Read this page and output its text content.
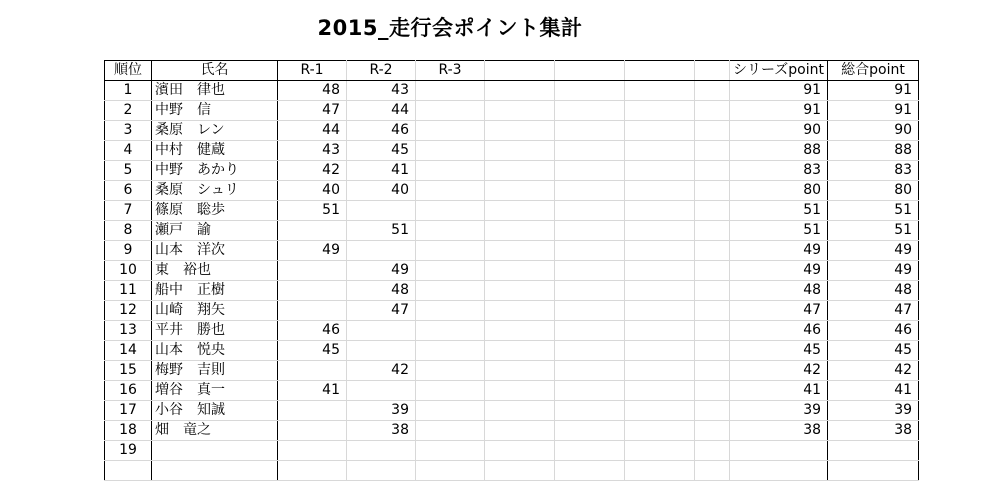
2015_走行会ポイント集計
順位	氏名	R-1	R-2	R-3					シリーズpoint	総合point
1	濱田　律也	48	43						91	91
2	中野　信	47	44						91	91
3	桑原　レン	44	46						90	90
4	中村　健蔵	43	45						88	88
5	中野　あかり	42	41						83	83
6	桑原　シュリ	40	40						80	80
7	篠原　聡歩	51							51	51
8	瀬戸　諭		51						51	51
9	山本　洋次	49							49	49
10	東　裕也		49						49	49
11	船中　正樹		48						48	48
12	山崎　翔矢		47						47	47
13	平井　勝也	46							46	46
14	山本　悦央	45							45	45
15	梅野　吉則		42						42	42
16	増谷　真一	41							41	41
17	小谷　知誠		39						39	39
18	畑　竜之		38						38	38
19										
